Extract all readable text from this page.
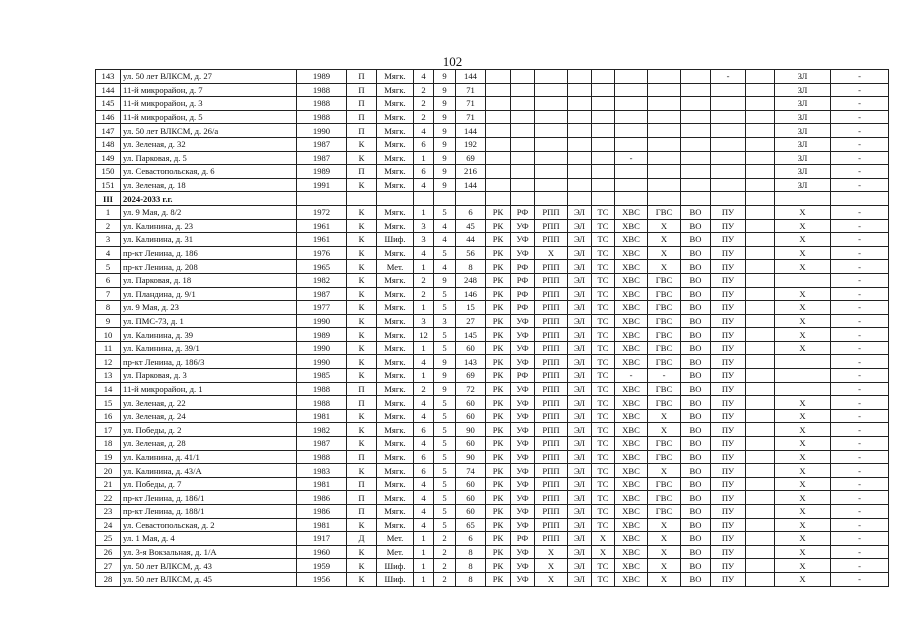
102
143	ул. 50 лет ВЛКСМ, д. 27	1989	П	Мягк.	4	9	144									-		ЗЛ	-
144	11-й микрорайон, д. 7	1988	П	Мягк.	2	9	71											ЗЛ	-
145	11-й микрорайон, д. 3	1988	П	Мягк.	2	9	71											ЗЛ	-
146	11-й микрорайон, д. 5	1988	П	Мягк.	2	9	71											ЗЛ	-
147	ул. 50 лет ВЛКСМ, д. 26/а	1990	П	Мягк.	4	9	144											ЗЛ	-
148	ул. Зеленая, д. 32	1987	К	Мягк.	6	9	192											ЗЛ	-
149	ул. Парковая, д. 5	1987	К	Мягк.	1	9	69						-					ЗЛ	-
150	ул. Севастопольская, д. 6	1989	П	Мягк.	6	9	216											ЗЛ	-
151	ул. Зеленая, д. 18	1991	К	Мягк.	4	9	144											ЗЛ	-
III	2024-2033 г.г.																		
1	ул. 9 Мая, д. 8/2	1972	К	Мягк.	1	5	6	РК	РФ	РПП	ЭЛ	ТС	ХВС	ГВС	ВО	ПУ		Х	-
2	ул. Калинина, д. 23	1961	К	Мягк.	3	4	45	РК	УФ	РПП	ЭЛ	ТС	ХВС	Х	ВО	ПУ		Х	-
3	ул. Калинина, д. 31	1961	К	Шиф.	3	4	44	РК	УФ	РПП	ЭЛ	ТС	ХВС	Х	ВО	ПУ		Х	-
4	пр-кт Ленина, д. 186	1976	К	Мягк.	4	5	56	РК	УФ	Х	ЭЛ	ТС	ХВС	Х	ВО	ПУ		Х	-
5	пр-кт Ленина, д. 208	1965	К	Мет.	1	4	8	РК	РФ	РПП	ЭЛ	ТС	ХВС	Х	ВО	ПУ		Х	-
6	ул. Парковая, д. 18	1982	К	Мягк.	2	9	248	РК	РФ	РПП	ЭЛ	ТС	ХВС	ГВС	ВО	ПУ			-
7	ул. Пландина, д. 9/1	1987	К	Мягк.	2	5	146	РК	РФ	РПП	ЭЛ	ТС	ХВС	ГВС	ВО	ПУ		Х	-
8	ул. 9 Мая, д. 23	1977	К	Мягк.	1	5	15	РК	РФ	РПП	ЭЛ	ТС	ХВС	ГВС	ВО	ПУ		Х	-
9	ул. ПМС-73, д. 1	1990	К	Мягк.	3	3	27	РК	УФ	РПП	ЭЛ	ТС	ХВС	ГВС	ВО	ПУ		Х	-
10	ул. Калинина, д. 39	1989	К	Мягк.	12	5	145	РК	УФ	РПП	ЭЛ	ТС	ХВС	ГВС	ВО	ПУ		Х	-
11	ул. Калинина, д. 39/1	1990	К	Мягк.	1	5	60	РК	УФ	РПП	ЭЛ	ТС	ХВС	ГВС	ВО	ПУ		Х	-
12	пр-кт Ленина, д. 186/3	1990	К	Мягк.	4	9	143	РК	УФ	РПП	ЭЛ	ТС	ХВС	ГВС	ВО	ПУ			-
13	ул. Парковая, д. 3	1985	К	Мягк.	1	9	69	РК	РФ	РПП	ЭЛ	ТС	-	-	ВО	ПУ			-
14	11-й микрорайон, д. 1	1988	П	Мягк.	2	9	72	РК	УФ	РПП	ЭЛ	ТС	ХВС	ГВС	ВО	ПУ			-
15	ул. Зеленая, д. 22	1988	П	Мягк.	4	5	60	РК	УФ	РПП	ЭЛ	ТС	ХВС	ГВС	ВО	ПУ		Х	-
16	ул. Зеленая, д. 24	1981	К	Мягк.	4	5	60	РК	УФ	РПП	ЭЛ	ТС	ХВС	Х	ВО	ПУ		Х	-
17	ул. Победы, д. 2	1982	К	Мягк.	6	5	90	РК	УФ	РПП	ЭЛ	ТС	ХВС	Х	ВО	ПУ		Х	-
18	ул. Зеленая, д. 28	1987	К	Мягк.	4	5	60	РК	УФ	РПП	ЭЛ	ТС	ХВС	ГВС	ВО	ПУ		Х	-
19	ул. Калинина, д. 41/1	1988	П	Мягк.	6	5	90	РК	УФ	РПП	ЭЛ	ТС	ХВС	ГВС	ВО	ПУ		Х	-
20	ул. Калинина, д. 43/А	1983	К	Мягк.	6	5	74	РК	УФ	РПП	ЭЛ	ТС	ХВС	Х	ВО	ПУ		Х	-
21	ул. Победы, д. 7	1981	П	Мягк.	4	5	60	РК	УФ	РПП	ЭЛ	ТС	ХВС	ГВС	ВО	ПУ		Х	-
22	пр-кт Ленина, д. 186/1	1986	П	Мягк.	4	5	60	РК	УФ	РПП	ЭЛ	ТС	ХВС	ГВС	ВО	ПУ		Х	-
23	пр-кт Ленина, д. 188/1	1986	П	Мягк.	4	5	60	РК	УФ	РПП	ЭЛ	ТС	ХВС	ГВС	ВО	ПУ		Х	-
24	ул. Севастопольская, д. 2	1981	К	Мягк.	4	5	65	РК	УФ	РПП	ЭЛ	ТС	ХВС	Х	ВО	ПУ		Х	-
25	ул. 1 Мая, д. 4	1917	Д	Мет.	1	2	6	РК	РФ	РПП	ЭЛ	Х	ХВС	Х	ВО	ПУ		Х	-
26	ул. 3-я Вокзальная, д. 1/А	1960	К	Мет.	1	2	8	РК	УФ	Х	ЭЛ	Х	ХВС	Х	ВО	ПУ		Х	-
27	ул. 50 лет ВЛКСМ, д. 43	1959	К	Шиф.	1	2	8	РК	УФ	Х	ЭЛ	ТС	ХВС	Х	ВО	ПУ		Х	-
28	ул. 50 лет ВЛКСМ, д. 45	1956	К	Шиф.	1	2	8	РК	УФ	Х	ЭЛ	ТС	ХВС	Х	ВО	ПУ		Х	-
